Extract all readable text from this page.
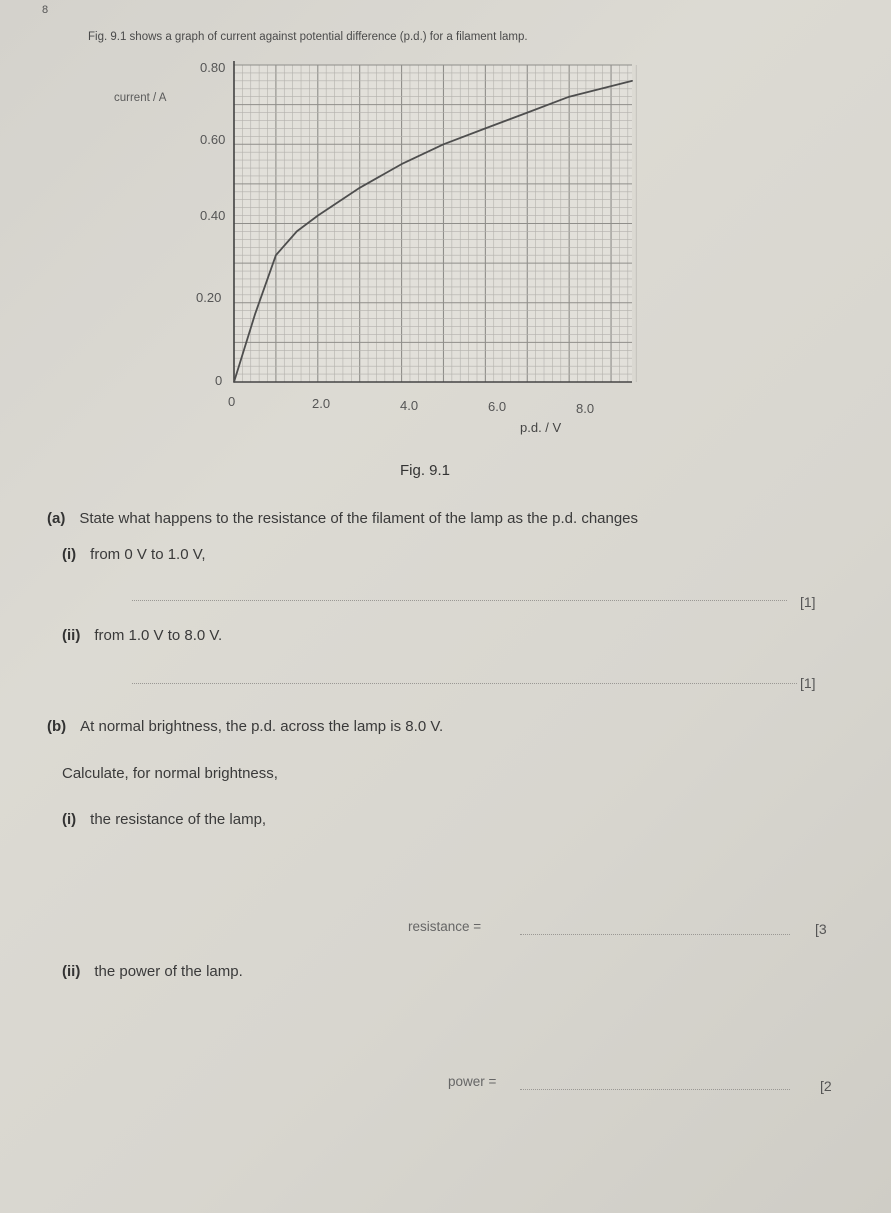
8
Fig. 9.1 shows a graph of current against potential difference (p.d.) for a filament lamp.
current / A
0.80
0.60
0.40
0.20
0
0	2.0	4.0	6.0	8.0
p.d. / V
Fig. 9.1
(a) State what happens to the resistance of the filament of the lamp as the p.d. changes
(i) from 0 V to 1.0 V,
[1]
(ii) from 1.0 V to 8.0 V.
[1]
(b) At normal brightness, the p.d. across the lamp is 8.0 V.
Calculate, for normal brightness,
(i) the resistance of the lamp,
resistance =	[3
(ii) the power of the lamp.
power =	[2
